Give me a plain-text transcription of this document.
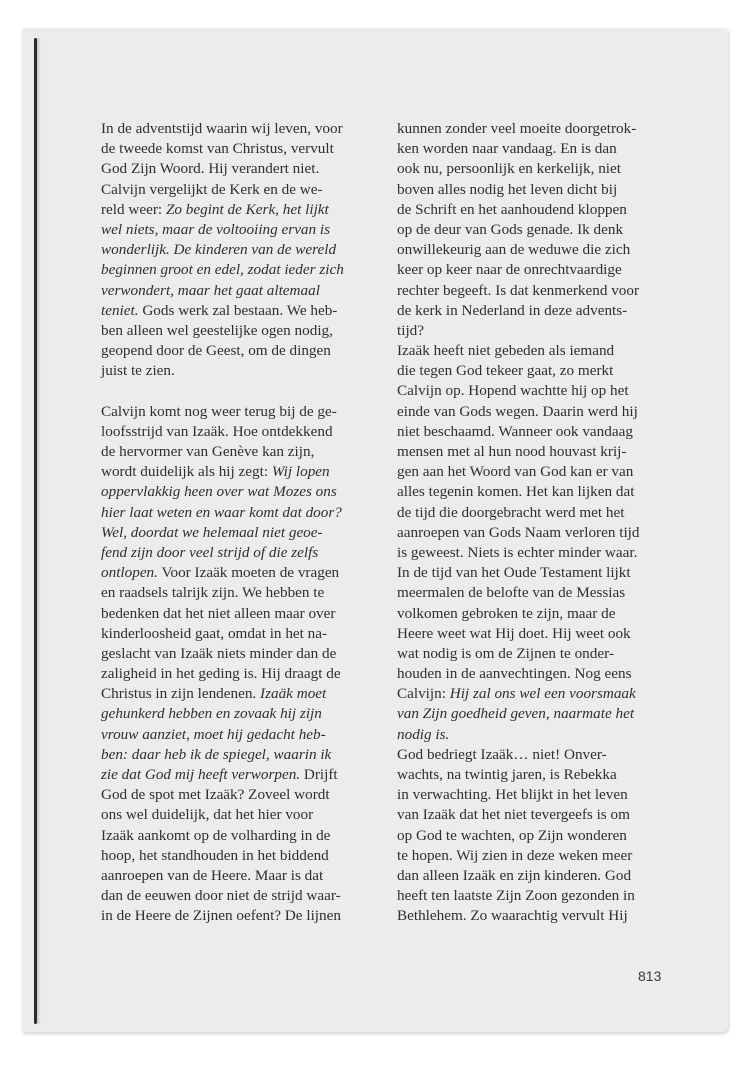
In de adventstijd waarin wij leven, voor
de tweede komst van Christus, vervult
God Zijn Woord. Hij verandert niet.
Calvijn vergelijkt de Kerk en de we-
reld weer: Zo begint de Kerk, het lijkt
wel niets, maar de voltooiing ervan is
wonderlijk. De kinderen van de wereld
beginnen groot en edel, zodat ieder zich
verwondert, maar het gaat altemaal
teniet. Gods werk zal bestaan. We heb-
ben alleen wel geestelijke ogen nodig,
geopend door de Geest, om de dingen
juist te zien.
Calvijn komt nog weer terug bij de ge-
loofsstrijd van Izaäk. Hoe ontdekkend
de hervormer van Genève kan zijn,
wordt duidelijk als hij zegt: Wij lopen
oppervlakkig heen over wat Mozes ons
hier laat weten en waar komt dat door?
Wel, doordat we helemaal niet geoe-
fend zijn door veel strijd of die zelfs
ontlopen. Voor Izaäk moeten de vragen
en raadsels talrijk zijn. We hebben te
bedenken dat het niet alleen maar over
kinderloosheid gaat, omdat in het na-
geslacht van Izaäk niets minder dan de
zaligheid in het geding is. Hij draagt de
Christus in zijn lendenen. Izaäk moet
gehunkerd hebben en zovaak hij zijn
vrouw aanziet, moet hij gedacht heb-
ben: daar heb ik de spiegel, waarin ik
zie dat God mij heeft verworpen. Drijft
God de spot met Izaäk? Zoveel wordt
ons wel duidelijk, dat het hier voor
Izaäk aankomt op de volharding in de
hoop, het standhouden in het biddend
aanroepen van de Heere. Maar is dat
dan de eeuwen door niet de strijd waar-
in de Heere de Zijnen oefent? De lijnen
kunnen zonder veel moeite doorgetrok-
ken worden naar vandaag. En is dan
ook nu, persoonlijk en kerkelijk, niet
boven alles nodig het leven dicht bij
de Schrift en het aanhoudend kloppen
op de deur van Gods genade. Ik denk
onwillekeurig aan de weduwe die zich
keer op keer naar de onrechtvaardige
rechter begeeft. Is dat kenmerkend voor
de kerk in Nederland in deze advents-
tijd?
Izaäk heeft niet gebeden als iemand
die tegen God tekeer gaat, zo merkt
Calvijn op. Hopend wachtte hij op het
einde van Gods wegen. Daarin werd hij
niet beschaamd. Wanneer ook vandaag
mensen met al hun nood houvast krij-
gen aan het Woord van God kan er van
alles tegenin komen. Het kan lijken dat
de tijd die doorgebracht werd met het
aanroepen van Gods Naam verloren tijd
is geweest. Niets is echter minder waar.
In de tijd van het Oude Testament lijkt
meermalen de belofte van de Messias
volkomen gebroken te zijn, maar de
Heere weet wat Hij doet. Hij weet ook
wat nodig is om de Zijnen te onder-
houden in de aanvechtingen. Nog eens
Calvijn: Hij zal ons wel een voorsmaak
van Zijn goedheid geven, naarmate het
nodig is.
God bedriegt Izaäk… niet! Onver-
wachts, na twintig jaren, is Rebekka
in verwachting. Het blijkt in het leven
van Izaäk dat het niet tevergeefs is om
op God te wachten, op Zijn wonderen
te hopen. Wij zien in deze weken meer
dan alleen Izaäk en zijn kinderen. God
heeft ten laatste Zijn Zoon gezonden in
Bethlehem. Zo waarachtig vervult Hij
813
